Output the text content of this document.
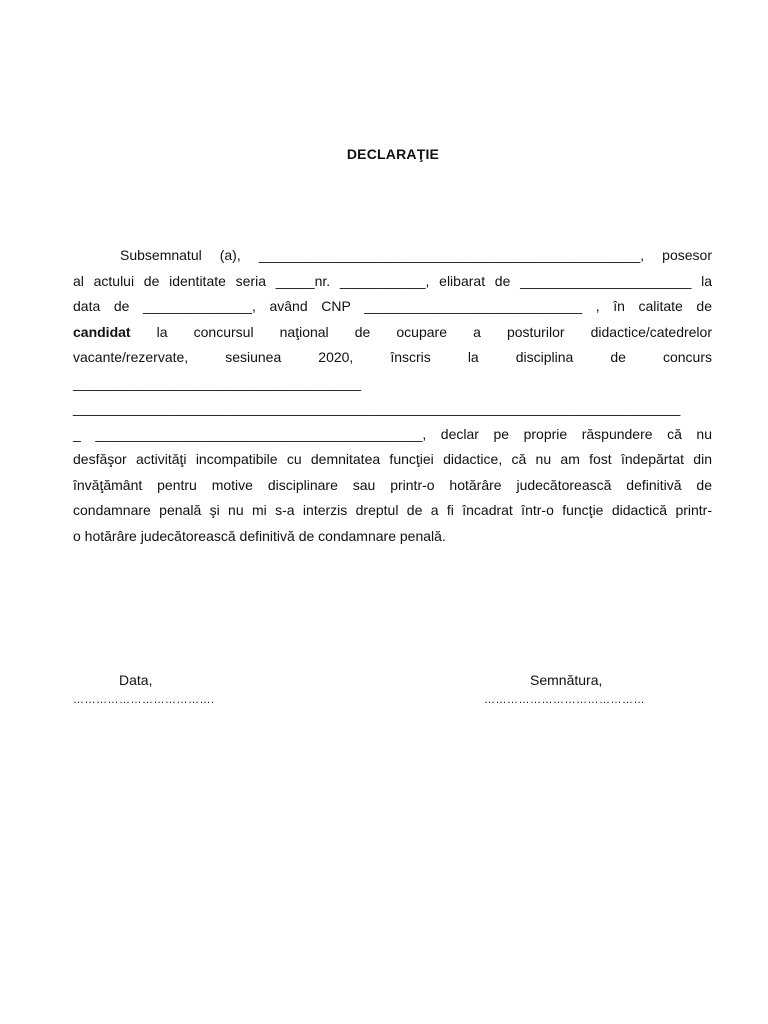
DECLARAŢIE
Subsemnatul (a), _________________________________________________, posesor
al actului de identitate seria _____nr. ___________, elibarat de ______________________ la
data de ______________, având CNP ____________________________ , în calitate de
candidat la concursul naţional de ocupare a posturilor didactice/catedrelor
vacante/rezervate, sesiunea 2020, înscris la disciplina de concurs
_____________________________________
______________________________________________________________________________
_ __________________________________________, declar pe proprie răspundere că nu
desfăşor activităţi incompatibile cu demnitatea funcţiei didactice, că nu am fost îndepărtat din
învăţământ pentru motive disciplinare sau printr-o hotărâre judecătorească definitivă de
condamnare penală şi nu mi s-a interzis dreptul de a fi încadrat într-o funcţie didactică printr-
o hotărâre judecătorească definitivă de condamnare penală.
Data,
……………………………….
Semnătura,
……………………………………
